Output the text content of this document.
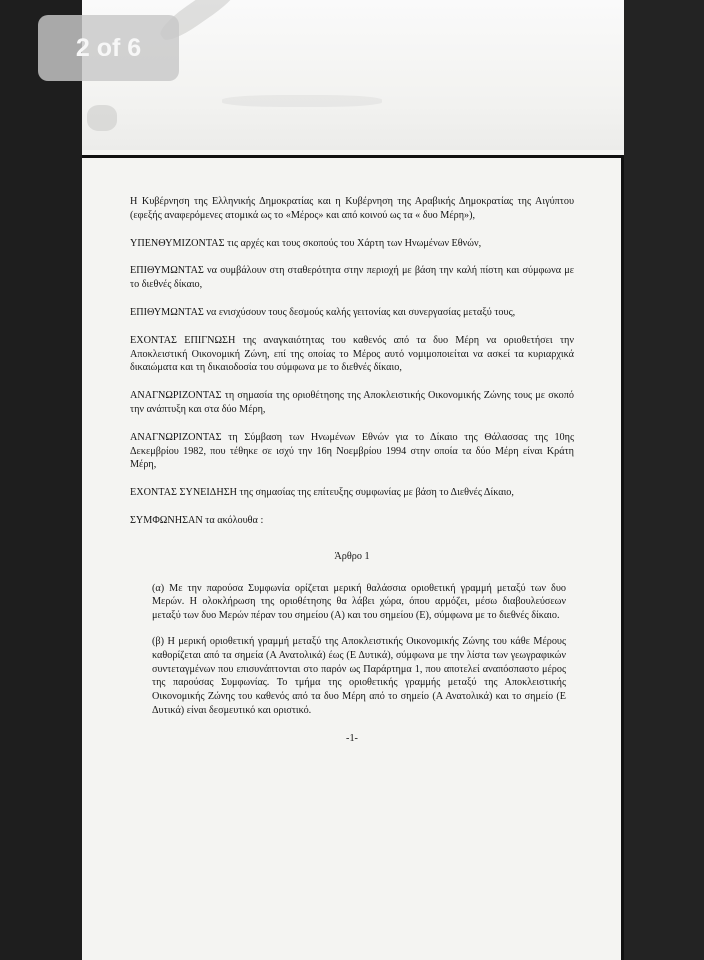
Η Κυβέρνηση της Ελληνικής Δημοκρατίας και η Κυβέρνηση της Αραβικής Δημοκρατίας της Αιγύπτου (εφεξής αναφερόμενες ατομικά ως το «Μέρος» και από κοινού ως τα « δυο Μέρη»),

ΥΠΕΝΘΥΜΙΖΟΝΤΑΣ τις αρχές και τους σκοπούς του Χάρτη των Ηνωμένων Εθνών,

ΕΠΙΘΥΜΩΝΤΑΣ να συμβάλουν στη σταθερότητα στην περιοχή με βάση την καλή πίστη και σύμφωνα με το διεθνές δίκαιο,

ΕΠΙΘΥΜΩΝΤΑΣ να ενισχύσουν τους δεσμούς καλής γειτονίας και συνεργασίας μεταξύ τους,

ΕΧΟΝΤΑΣ ΕΠΙΓΝΩΣΗ της αναγκαιότητας του καθενός από τα δυο Μέρη να οριοθετήσει την Αποκλειστική Οικονομική Ζώνη, επί της οποίας το Μέρος αυτό νομιμοποιείται να ασκεί τα κυριαρχικά δικαιώματα και τη δικαιοδοσία του σύμφωνα με το διεθνές δίκαιο,

ΑΝΑΓΝΩΡΙΖΟΝΤΑΣ τη σημασία της οριοθέτησης της Αποκλειστικής Οικονομικής Ζώνης τους με σκοπό την ανάπτυξη και στα δύο Μέρη,

ΑΝΑΓΝΩΡΙΖΟΝΤΑΣ τη Σύμβαση των Ηνωμένων Εθνών για το Δίκαιο της Θάλασσας της 10ης Δεκεμβρίου 1982, που τέθηκε σε ισχύ την 16η Νοεμβρίου 1994 στην οποία τα δύο Μέρη είναι Κράτη Μέρη,

ΕΧΟΝΤΑΣ ΣΥΝΕΙΔΗΣΗ της σημασίας της επίτευξης συμφωνίας με βάση το Διεθνές Δίκαιο,

ΣΥΜΦΩΝΗΣΑΝ τα ακόλουθα :

Άρθρο 1

(α) Με την παρούσα Συμφωνία ορίζεται μερική θαλάσσια οριοθετική γραμμή μεταξύ των δυο Μερών. Η ολοκλήρωση της οριοθέτησης θα λάβει χώρα, όπου αρμόζει, μέσω διαβουλεύσεων μεταξύ των δυο Μερών πέραν του σημείου (Α) και του σημείου (Ε), σύμφωνα με το διεθνές δίκαιο.

(β) Η μερική οριοθετική γραμμή μεταξύ της Αποκλειστικής Οικονομικής Ζώνης του κάθε Μέρους καθορίζεται από τα σημεία (Α Ανατολικά) έως (Ε Δυτικά), σύμφωνα με την λίστα των γεωγραφικών συντεταγμένων που επισυνάπτονται στο παρόν ως Παράρτημα 1, που αποτελεί αναπόσπαστο μέρος της παρούσας Συμφωνίας. Το τμήμα της οριοθετικής γραμμής μεταξύ της Αποκλειστικής Οικονομικής Ζώνης του καθενός από τα δυο Μέρη από το σημείο (Α Ανατολικά) και το σημείο (Ε Δυτικά) είναι δεσμευτικό και οριστικό.

-1-
2 of 6
